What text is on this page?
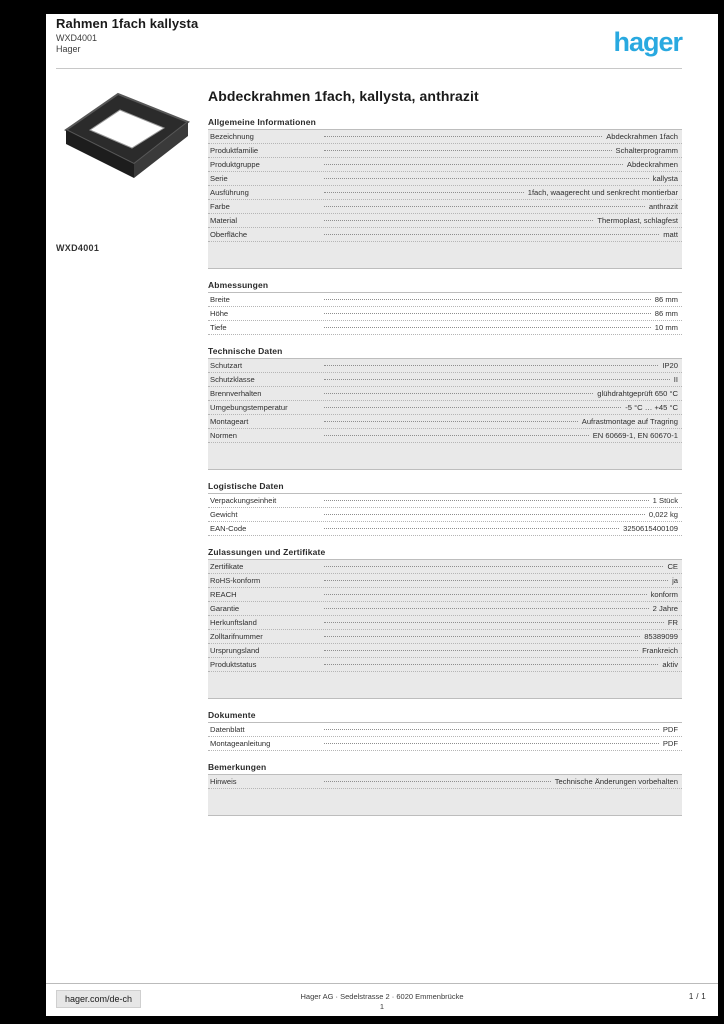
Rahmen 1fach kallysta
WXD4001
Hager	hager
WXD4001
Abdeckrahmen 1fach, kallysta, anthrazit
Allgemeine Informationen
Bezeichnung	Abdeckrahmen 1fach
Produktfamilie	Schalterprogramm
Produktgruppe	Abdeckrahmen
Serie	kallysta
Ausführung	1fach, waagerecht und senkrecht montierbar
Farbe	anthrazit
Material	Thermoplast, schlagfest
Oberfläche	matt
Abmessungen
Breite	86 mm
Höhe	86 mm
Tiefe	10 mm
Technische Daten
Schutzart	IP20
Schutzklasse	II
Brennverhalten	glühdrahtgeprüft 650 °C
Umgebungstemperatur	-5 °C … +45 °C
Montageart	Aufrastmontage auf Tragring
Normen	EN 60669-1, EN 60670-1
Logistische Daten
Verpackungseinheit	1 Stück
Gewicht	0,022 kg
EAN-Code	3250615400109
Zulassungen und Zertifikate
Zertifikate	CE
RoHS-konform	ja
REACH	konform
Garantie	2 Jahre
Herkunftsland	FR
Zolltarifnummer	85389099
Ursprungsland	Frankreich
Produktstatus	aktiv
Dokumente
Datenblatt	PDF
Montageanleitung	PDF
Bemerkungen
Hinweis	Technische Änderungen vorbehalten
hager.com/de-ch	Hager AG · Sedelstrasse 2 · 6020 Emmenbrücke
1
1 / 1
